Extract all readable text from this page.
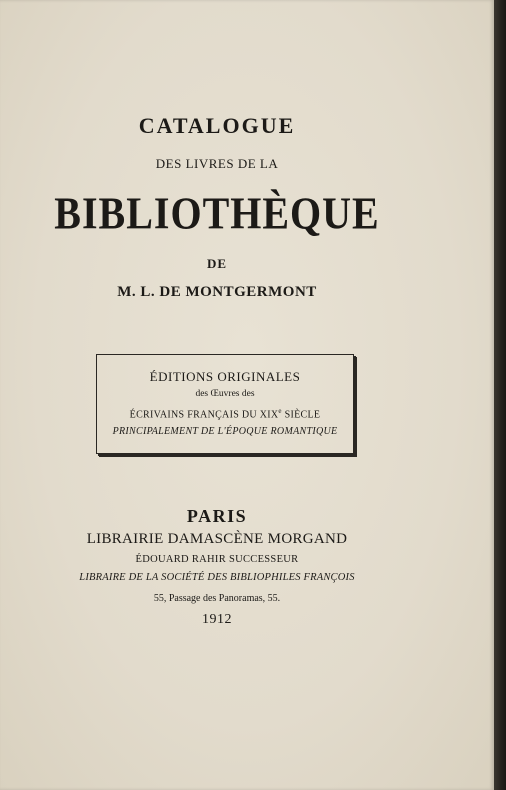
CATALOGUE
DES LIVRES DE LA
BIBLIOTHÈQUE
DE
M. L. DE MONTGERMONT
ÉDITIONS ORIGINALES
des Œuvres des
ÉCRIVAINS FRANÇAIS DU XIXe SIÈCLE
PRINCIPALEMENT DE L'ÉPOQUE ROMANTIQUE
PARIS
LIBRAIRIE DAMASCÈNE MORGAND
ÉDOUARD RAHIR SUCCESSEUR
LIBRAIRE DE LA SOCIÉTÉ DES BIBLIOPHILES FRANÇOIS
55, Passage des Panoramas, 55.
1912
